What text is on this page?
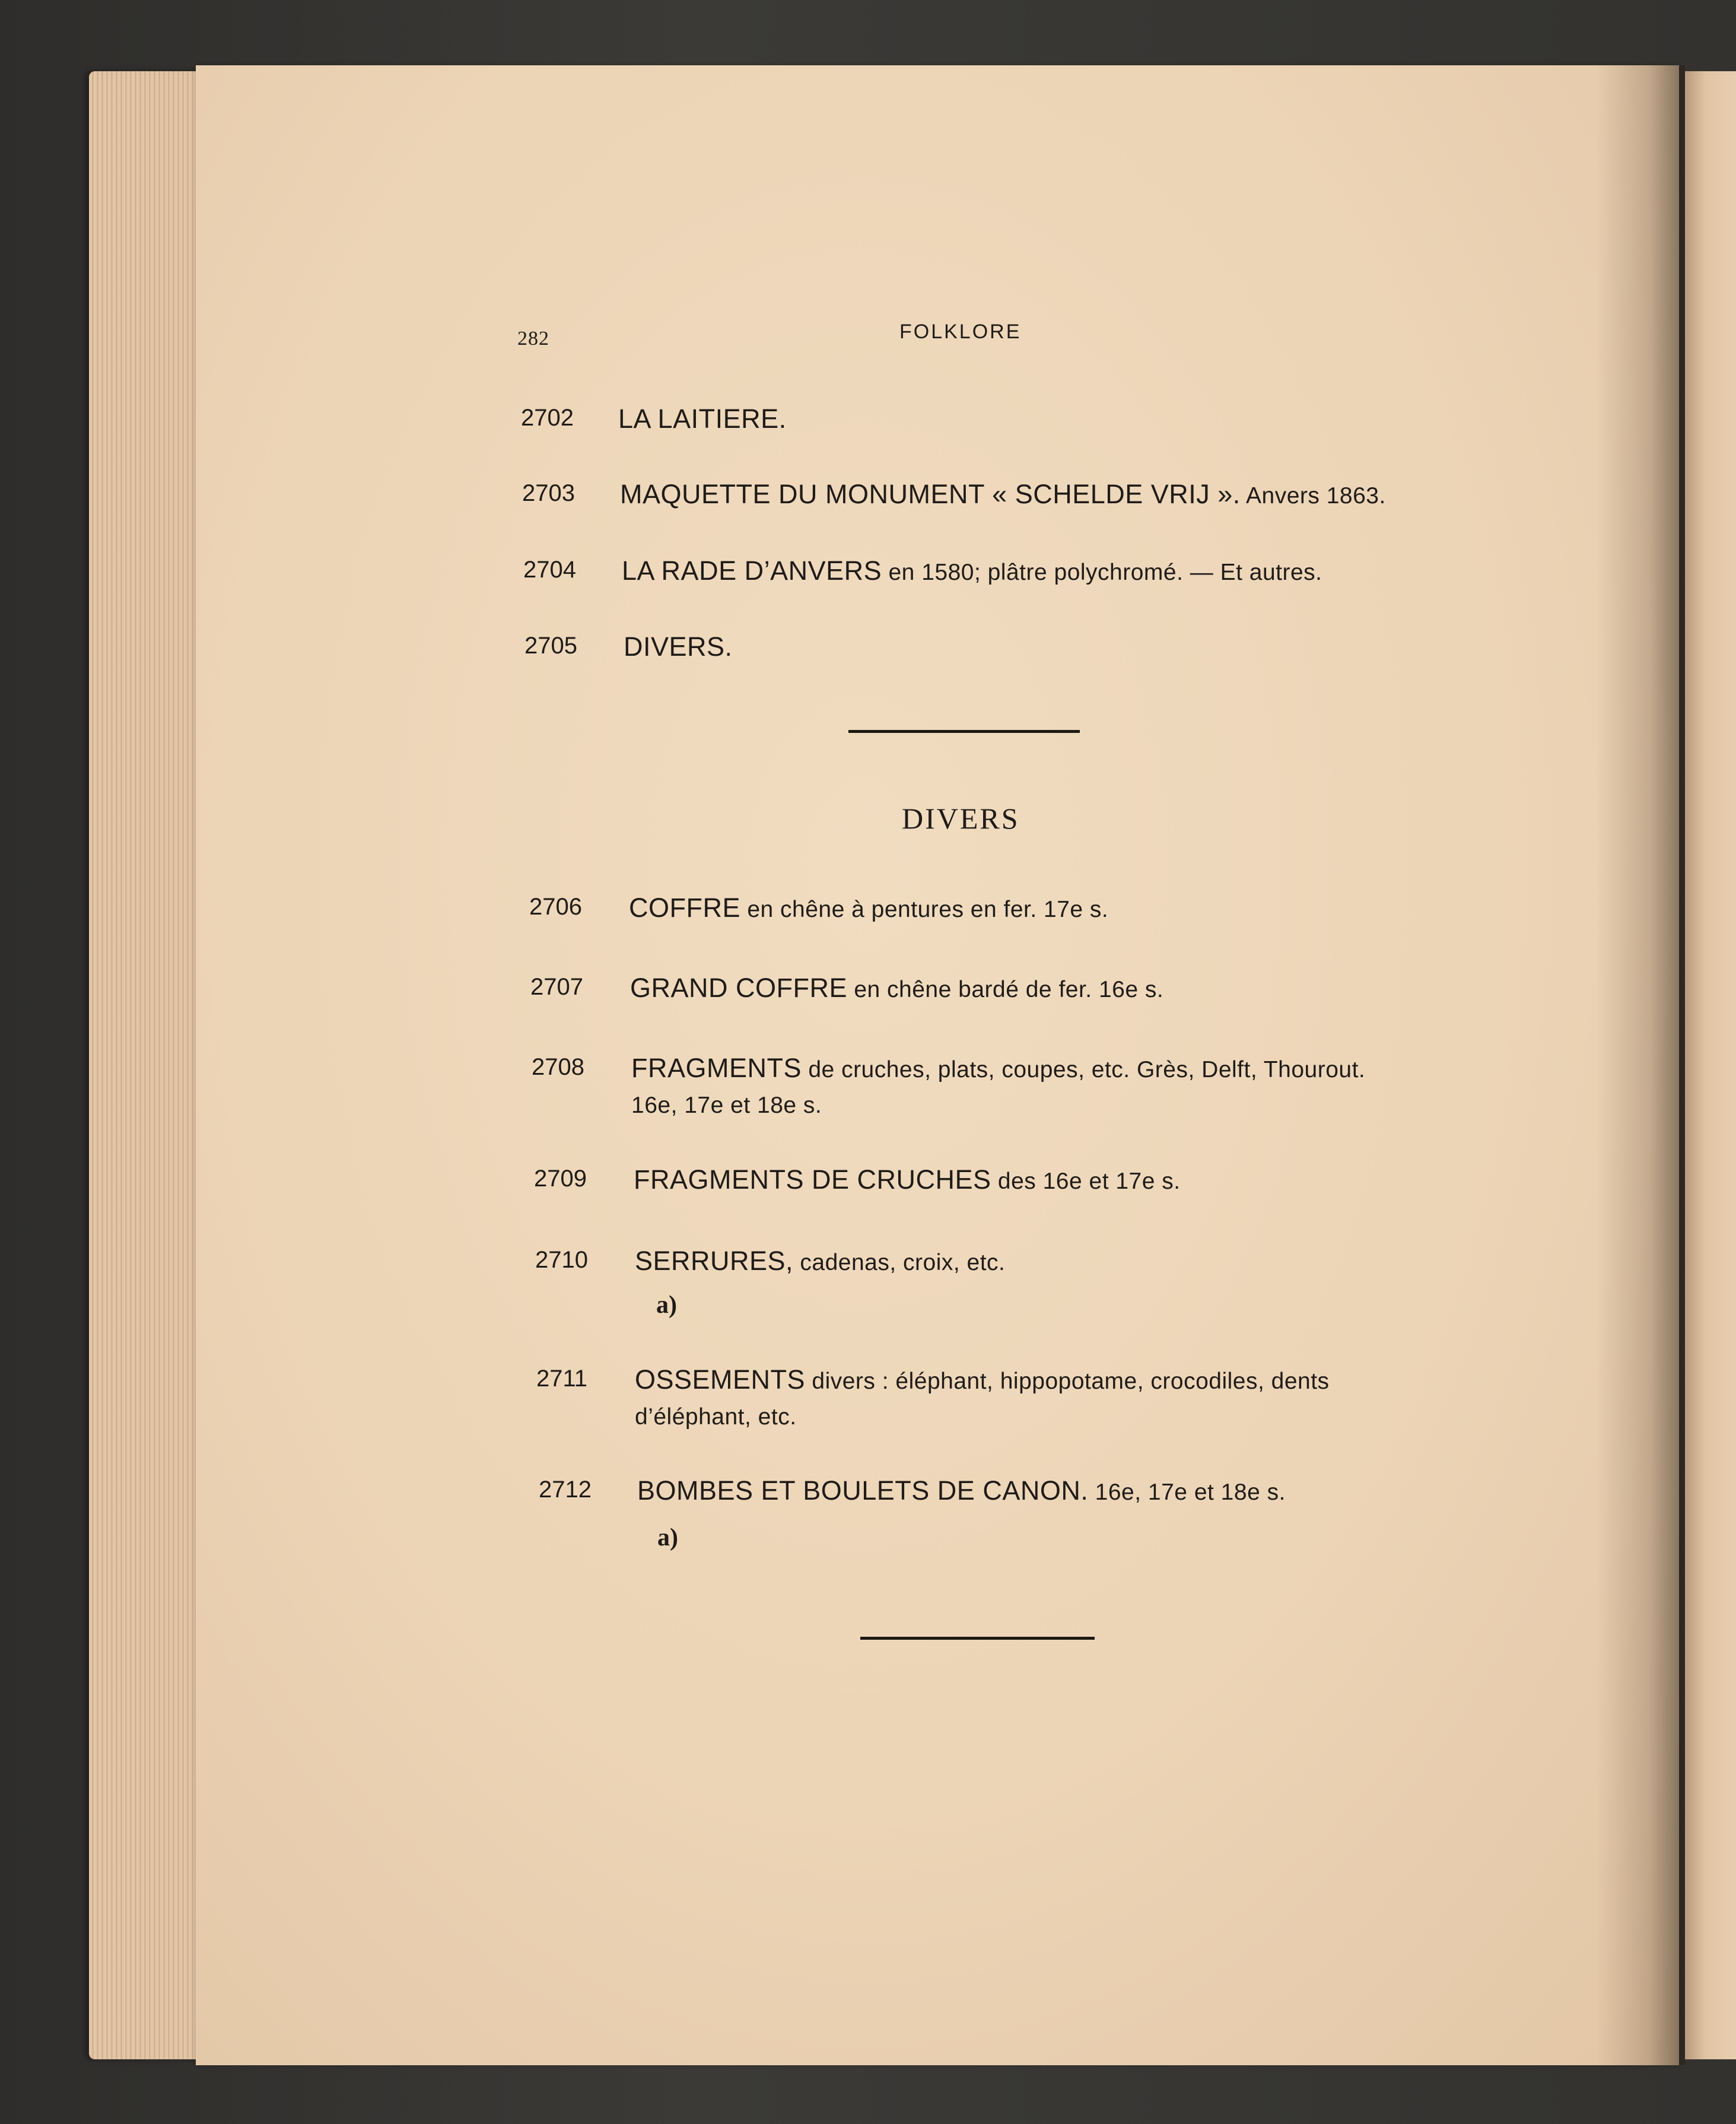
282	FOLKLORE
2702 LA LAITIERE.
2703 MAQUETTE DU MONUMENT « SCHELDE VRIJ ». Anvers 1863.
2704 LA RADE D’ANVERS en 1580; plâtre polychromé. — Et autres.
2705 DIVERS.
DIVERS
2706 COFFRE en chêne à pentures en fer. 17e s.
2707 GRAND COFFRE en chêne bardé de fer. 16e s.
2708 FRAGMENTS de cruches, plats, coupes, etc. Grès, Delft, Thourout.
16e, 17e et 18e s.
2709 FRAGMENTS DE CRUCHES des 16e et 17e s.
2710 SERRURES, cadenas, croix, etc.
a)
2711 OSSEMENTS divers : éléphant, hippopotame, crocodiles, dents
d’éléphant, etc.
2712 BOMBES ET BOULETS DE CANON. 16e, 17e et 18e s.
a)
